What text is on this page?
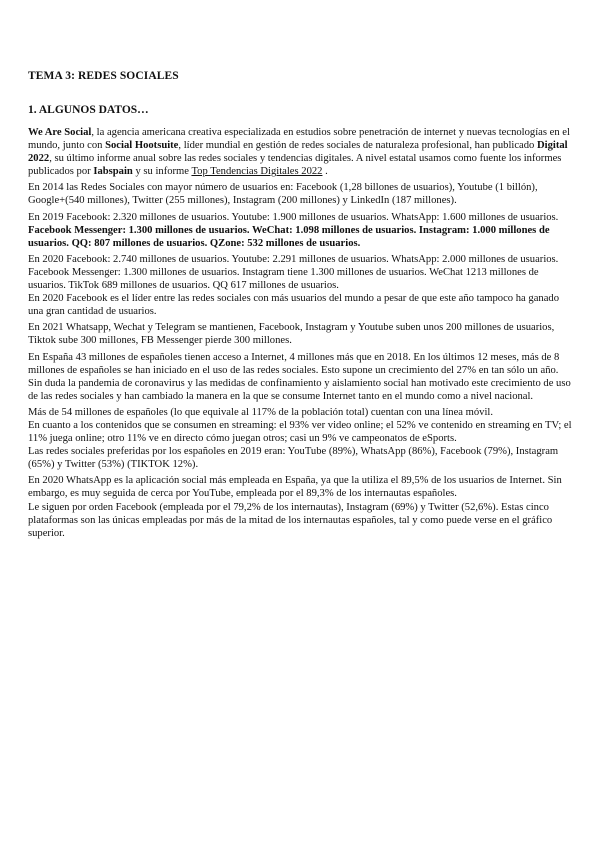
TEMA 3: REDES SOCIALES
1. ALGUNOS DATOS…

We Are Social, la agencia americana creativa especializada en estudios sobre penetración de internet y nuevas tecnologías en el mundo, junto con Social Hootsuite, líder mundial en gestión de redes sociales de naturaleza profesional, han publicado Digital 2022, su último informe anual sobre las redes sociales y tendencias digitales. A nivel estatal usamos como fuente los informes publicados por Iabspain y su informe Top Tendencias Digitales 2022 .

En 2014 las Redes Sociales con mayor número de usuarios en: Facebook (1,28 billones de usuarios), Youtube (1 billón), Google+(540 millones), Twitter (255 millones), Instagram (200 millones) y LinkedIn (187 millones).

En 2019 Facebook: 2.320 millones de usuarios. Youtube: 1.900 millones de usuarios. WhatsApp: 1.600 millones de usuarios. Facebook Messenger: 1.300 millones de usuarios. WeChat: 1.098 millones de usuarios. Instagram: 1.000 millones de usuarios. QQ: 807 millones de usuarios. QZone: 532 millones de usuarios.

En 2020 Facebook: 2.740 millones de usuarios. Youtube: 2.291 millones de usuarios. WhatsApp: 2.000 millones de usuarios. Facebook Messenger: 1.300 millones de usuarios. Instagram tiene 1.300 millones de usuarios. WeChat 1213 millones de usuarios. TikTok 689 millones de usuarios. QQ 617 millones de usuarios.

En 2020 Facebook es el líder entre las redes sociales con más usuarios del mundo a pesar de que este año tampoco ha ganado una gran cantidad de usuarios.

En 2021 Whatsapp, Wechat y Telegram se mantienen, Facebook, Instagram y Youtube suben unos 200 millones de usuarios, Tiktok sube 300 millones, FB Messenger pierde 300 millones.

En España 43 millones de españoles tienen acceso a Internet, 4 millones más que en 2018. En los últimos 12 meses, más de 8 millones de españoles se han iniciado en el uso de las redes sociales. Esto supone un crecimiento del 27% en tan sólo un año. Sin duda la pandemia de coronavirus y las medidas de confinamiento y aislamiento social han motivado este crecimiento de uso de las redes sociales y han cambiado la manera en la que se consume Internet tanto en el mundo como a nivel nacional.

Más de 54 millones de españoles (lo que equivale al 117% de la población total) cuentan con una línea móvil.

En cuanto a los contenidos que se consumen en streaming: el 93% ver video online; el 52% ve contenido en streaming en TV; el 11% juega online; otro 11% ve en directo cómo juegan otros; casi un 9% ve campeonatos de eSports.

Las redes sociales preferidas por los españoles en 2019 eran: YouTube (89%), WhatsApp (86%), Facebook (79%), Instagram (65%) y Twitter (53%) (TIKTOK 12%).

En 2020 WhatsApp es la aplicación social más empleada en España, ya que la utiliza el 89,5% de los usuarios de Internet. Sin embargo, es muy seguida de cerca por YouTube, empleada por el 89,3% de los internautas españoles.

Le siguen por orden Facebook (empleada por el 79,2% de los internautas), Instagram (69%) y Twitter (52,6%). Estas cinco plataformas son las únicas empleadas por más de la mitad de los internautas españoles, tal y como puede verse en el gráfico superior.
